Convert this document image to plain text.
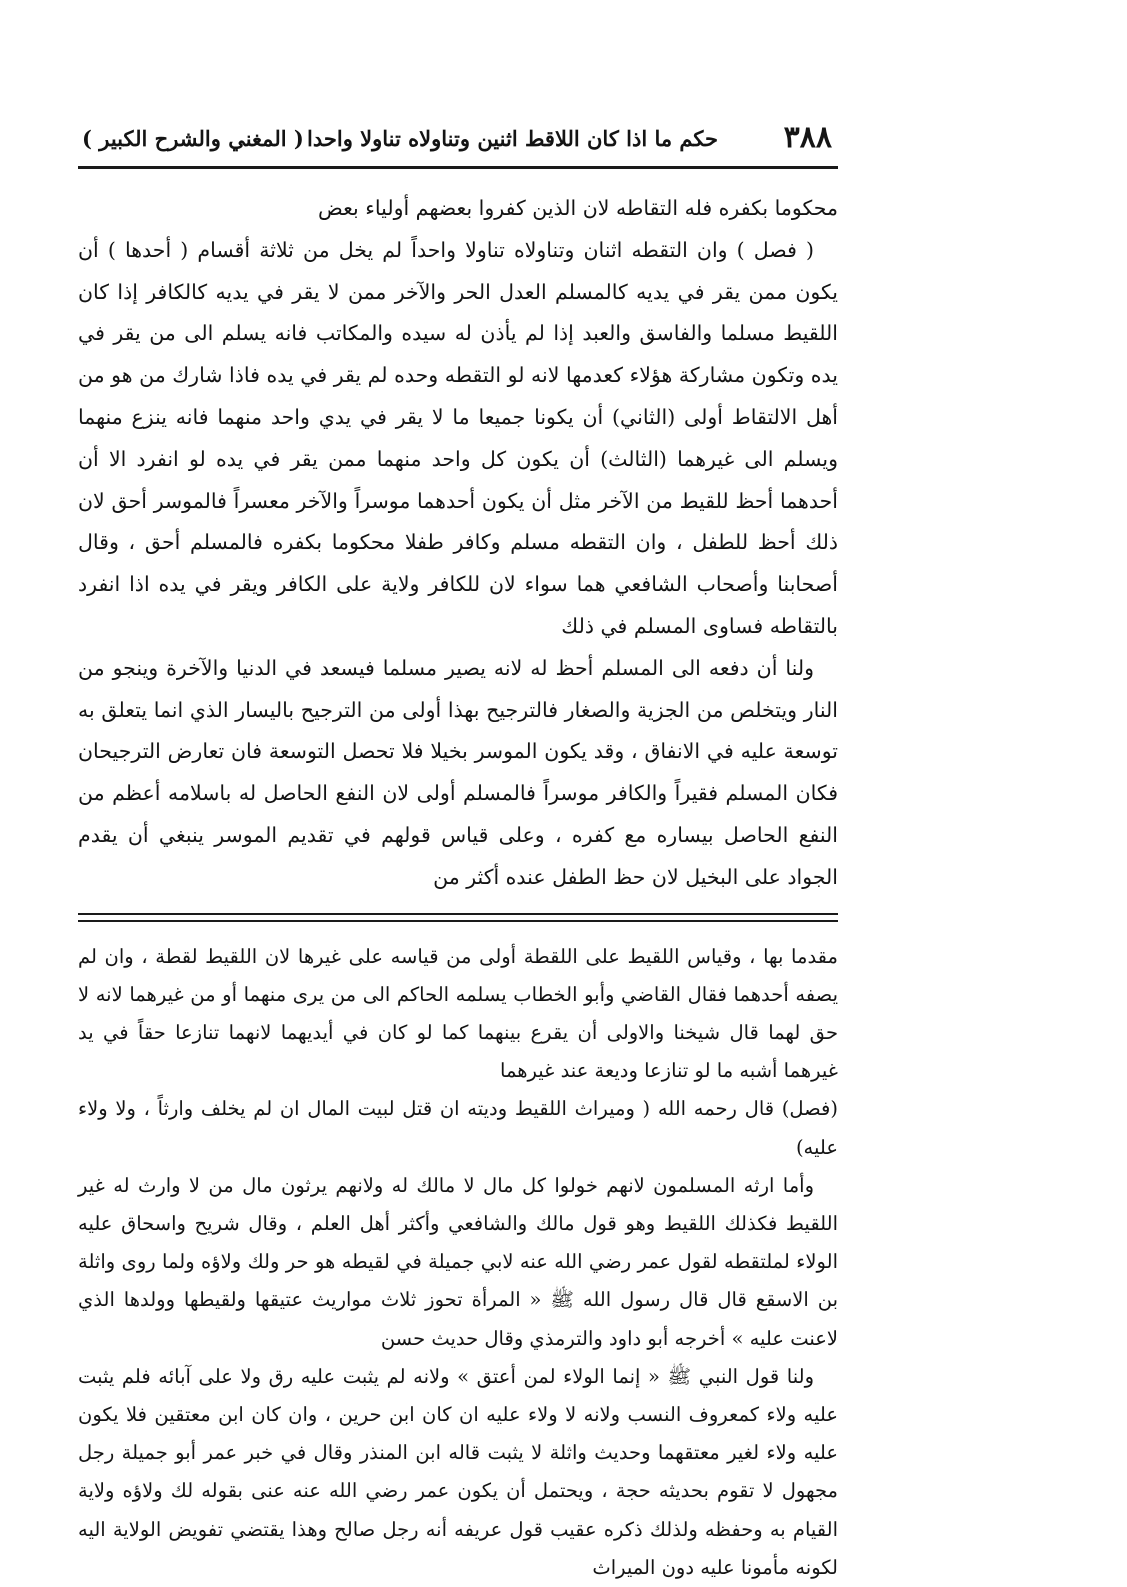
٣٨٨
حكم ما اذا كان اللاقط اثنين وتناولاه تناولا واحدا
( المغني والشرح الكبير )

محكوما بكفره فله التقاطه لان الذين كفروا بعضهم أولياء بعض

( فصل ) وان التقطه اثنان وتناولاه تناولا واحداً لم يخل من ثلاثة أقسام ( أحدها ) أن يكون ممن يقر في يديه كالمسلم العدل الحر والآخر ممن لا يقر في يديه كالكافر إذا كان اللقيط مسلما والفاسق والعبد إذا لم يأذن له سيده والمكاتب فانه يسلم الى من يقر في يده وتكون مشاركة هؤلاء كعدمها لانه لو التقطه وحده لم يقر في يده فاذا شارك من هو من أهل الالتقاط أولى (الثاني) أن يكونا جميعا ما لا يقر في يدي واحد منهما فانه ينزع منهما ويسلم الى غيرهما (الثالث) أن يكون كل واحد منهما ممن يقر في يده لو انفرد الا أن أحدهما أحظ للقيط من الآخر مثل أن يكون أحدهما موسراً والآخر معسراً فالموسر أحق لان ذلك أحظ للطفل ، وان التقطه مسلم وكافر طفلا محكوما بكفره فالمسلم أحق ، وقال أصحابنا وأصحاب الشافعي هما سواء لان للكافر ولاية على الكافر ويقر في يده اذا انفرد بالتقاطه فساوى المسلم في ذلك

ولنا أن دفعه الى المسلم أحظ له لانه يصير مسلما فيسعد في الدنيا والآخرة وينجو من النار ويتخلص من الجزية والصغار فالترجيح بهذا أولى من الترجيح باليسار الذي انما يتعلق به توسعة عليه في الانفاق ، وقد يكون الموسر بخيلا فلا تحصل التوسعة فان تعارض الترجيحان فكان المسلم فقيراً والكافر موسراً فالمسلم أولى لان النفع الحاصل له باسلامه أعظم من النفع الحاصل بيساره مع كفره ، وعلى قياس قولهم في تقديم الموسر ينبغي أن يقدم الجواد على البخيل لان حظ الطفل عنده أكثر من

مقدما بها ، وقياس اللقيط على اللقطة أولى من قياسه على غيرها لان اللقيط لقطة ، وان لم يصفه أحدهما فقال القاضي وأبو الخطاب يسلمه الحاكم الى من يرى منهما أو من غيرهما لانه لا حق لهما قال شيخنا والاولى أن يقرع بينهما كما لو كان في أيديهما لانهما تنازعا حقاً في يد غيرهما أشبه ما لو تنازعا وديعة عند غيرهما

(فصل) قال رحمه الله ( وميراث اللقيط وديته ان قتل لبيت المال ان لم يخلف وارثاً ، ولا ولاء عليه)

وأما ارثه المسلمون لانهم خولوا كل مال لا مالك له ولانهم يرثون مال من لا وارث له غير اللقيط فكذلك اللقيط وهو قول مالك والشافعي وأكثر أهل العلم ، وقال شريح واسحاق عليه الولاء لملتقطه لقول عمر رضي الله عنه لابي جميلة في لقيطه هو حر ولك ولاؤه ولما روى واثلة بن الاسقع قال قال رسول الله ﷺ « المرأة تحوز ثلاث مواريث عتيقها ولقيطها وولدها الذي لاعنت عليه » أخرجه أبو داود والترمذي وقال حديث حسن

ولنا قول النبي ﷺ « إنما الولاء لمن أعتق » ولانه لم يثبت عليه رق ولا على آبائه فلم يثبت عليه ولاء كمعروف النسب ولانه لا ولاء عليه ان كان ابن حرين ، وان كان ابن معتقين فلا يكون عليه ولاء لغير معتقهما وحديث واثلة لا يثبت قاله ابن المنذر وقال في خبر عمر أبو جميلة رجل مجهول لا تقوم بحديثه حجة ، ويحتمل أن يكون عمر رضي الله عنه عنى بقوله لك ولاؤه ولاية القيام به وحفظه ولذلك ذكره عقيب قول عريفه أنه رجل صالح وهذا يقتضي تفويض الولاية اليه لكونه مأمونا عليه دون الميراث
